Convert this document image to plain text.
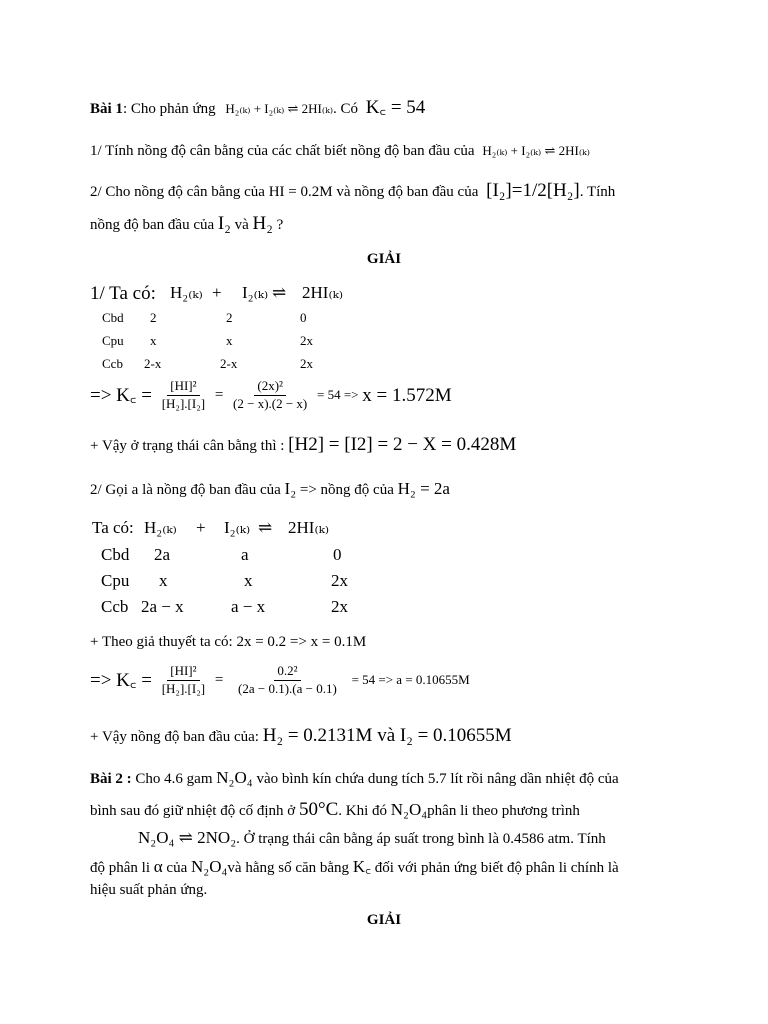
Bài 1: Cho phản ứng H₂₍ₖ₎ + I₂₍ₖ₎ ⇌ 2HI₍ₖ₎. Có K꜀ = 54
1/ Tính nồng độ cân bằng của các chất biết nồng độ ban đầu của H₂₍ₖ₎ + I₂₍ₖ₎ ⇌ 2HI₍ₖ₎
2/ Cho nồng độ cân bằng của HI = 0.2M và nồng độ ban đầu của [I₂]=1/2[H₂]. Tính
nồng độ ban đầu của I₂ và H₂ ?
GIẢI
1/ Ta có: H₂₍ₖ₎ + I₂₍ₖ₎ ⇌ 2HI₍ₖ₎
Cbd 2	2	0
Cpu x	x	2x
Ccb 2-x	2-x	2x
=> K꜀ = $\frac{\text{[HI]²}}{\text{[H₂].[I₂]}} = \frac{\text{(2x)²}}{(2 - x).(2 - x)} = 54 => x = 1.572M$
+ Vậy ở trạng thái cân bằng thì : [H2] = [I2] = 2 − X = 0.428M
2/ Gọi a là nồng độ ban đầu của I₂ => nồng độ của H₂ = 2a
Ta có: H₂₍ₖ₎ + I₂₍ₖ₎ ⇌ 2HI₍ₖ₎
Cbd 2a	a	0
Cpu x	x	2x
Ccb 2a − x	a − x	2x
+ Theo giả thuyết ta có: 2x = 0.2 => x = 0.1M
=> K꜀ = $\frac{\text{[HI]²}}{\text{[H₂].[I₂]}} = \frac{\text{0.2²}}{(2a - 0.1).(a - 0.1)} = 54 => a = 0.10655M$
+ Vậy nồng độ ban đầu của: H₂ = 0.2131M và I₂ = 0.10655M
Bài 2 : Cho 4.6 gam N₂O₄ vào bình kín chứa dung tích 5.7 lít rồi nâng dần nhiệt độ của
bình sau đó giữ nhiệt độ cố định ở 50°C. Khi đó N₂O₄phân li theo phương trình
N₂O₄ ⇌ 2NO₂. Ở trạng thái cân bằng áp suất trong bình là 0.4586 atm. Tính
độ phân li α của N₂O₄và hằng số căn bằng K꜀ đối với phản ứng biết độ phân li chính là
hiệu suất phản ứng.
GIẢI
